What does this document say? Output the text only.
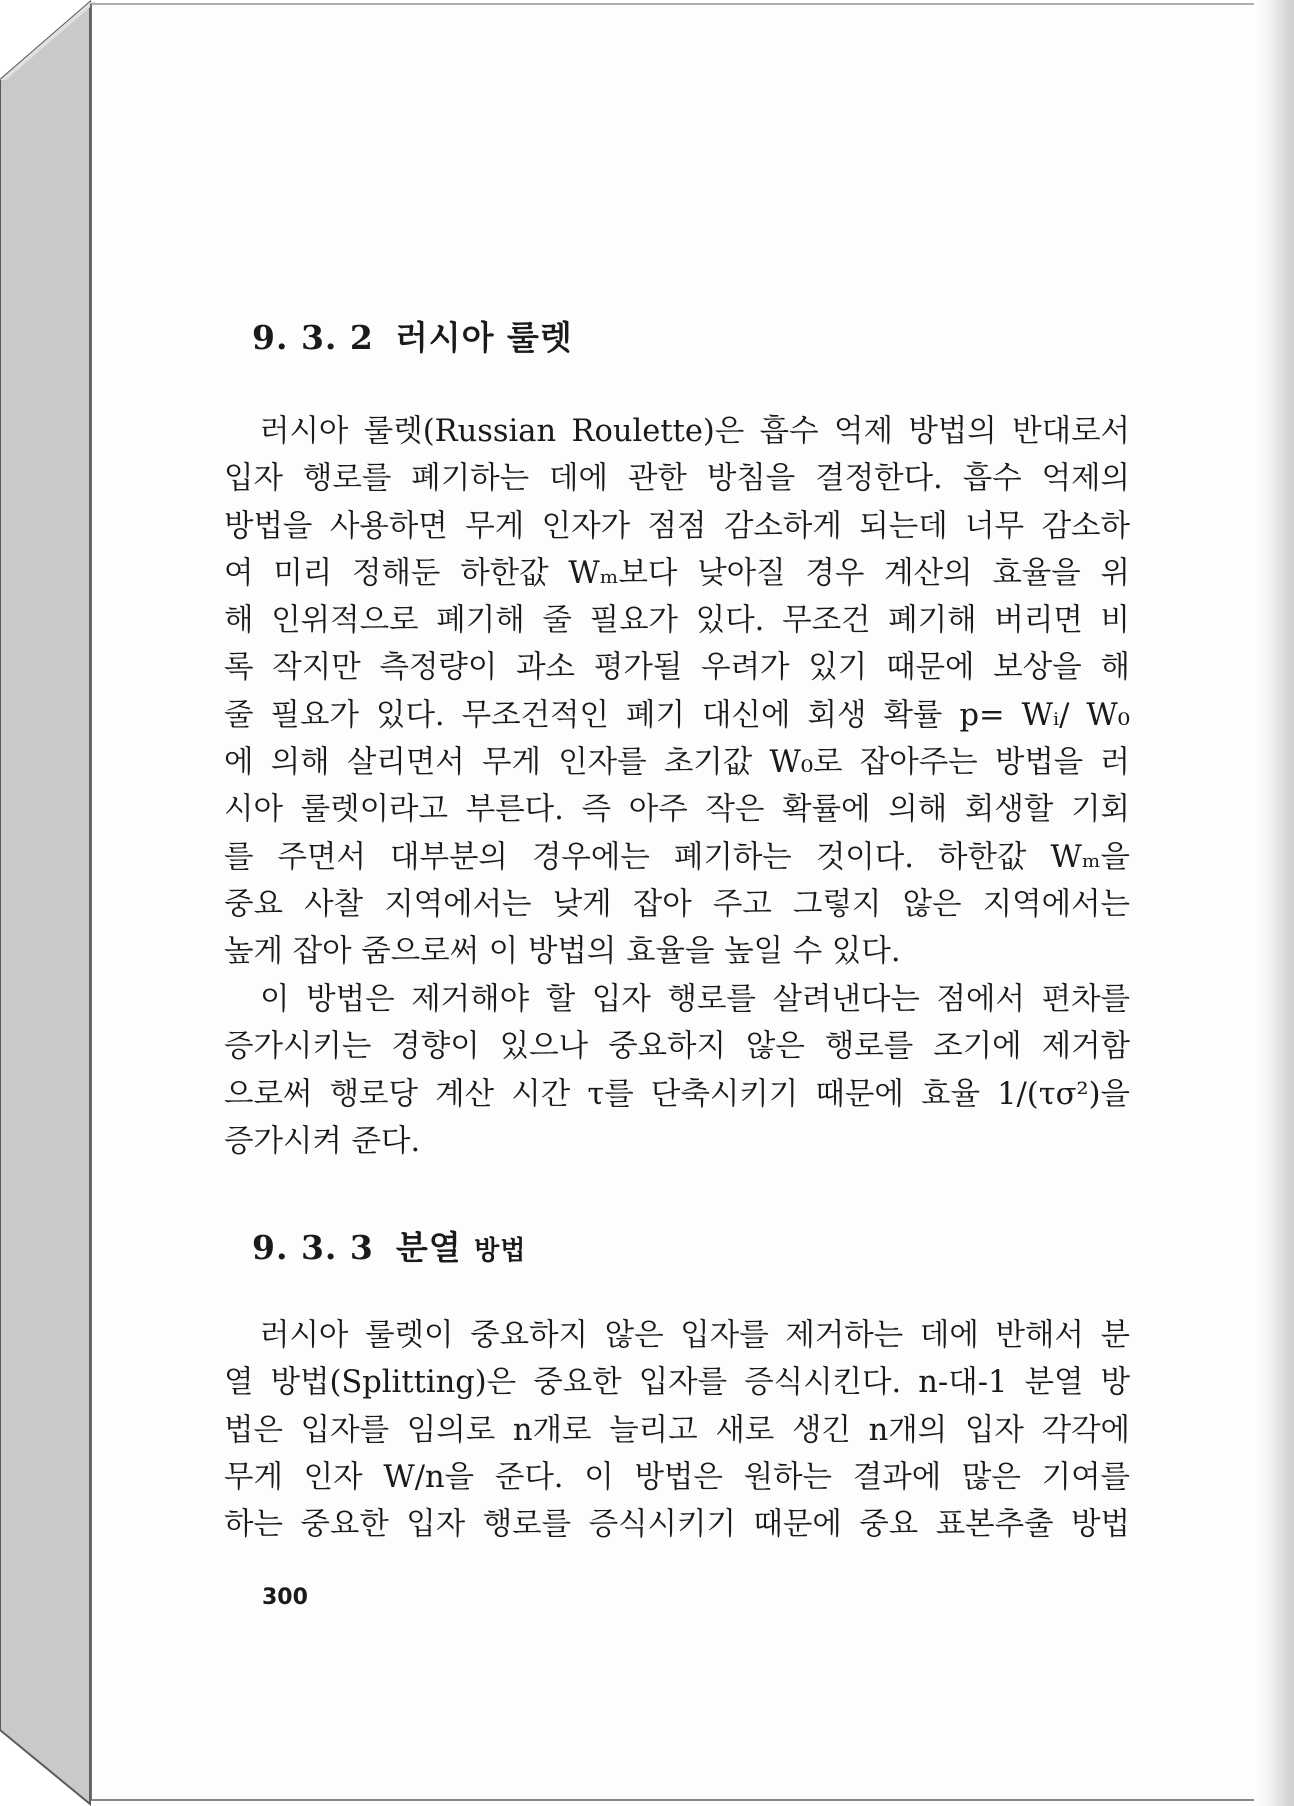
9. 3. 2 러시아 룰렛
러시아 룰렛(Russian Roulette)은 흡수 억제 방법의 반대로서
입자 행로를 폐기하는 데에 관한 방침을 결정한다. 흡수 억제의
방법을 사용하면 무게 인자가 점점 감소하게 되는데 너무 감소하
여 미리 정해둔 하한값 Wₘ보다 낮아질 경우 계산의 효율을 위
해 인위적으로 폐기해 줄 필요가 있다. 무조건 폐기해 버리면 비
록 작지만 측정량이 과소 평가될 우려가 있기 때문에 보상을 해
줄 필요가 있다. 무조건적인 폐기 대신에 회생 확률 p= Wᵢ/ W₀
에 의해 살리면서 무게 인자를 초기값 W₀로 잡아주는 방법을 러
시아 룰렛이라고 부른다. 즉 아주 작은 확률에 의해 회생할 기회
를 주면서 대부분의 경우에는 폐기하는 것이다. 하한값 Wₘ을
중요 사찰 지역에서는 낮게 잡아 주고 그렇지 않은 지역에서는
높게 잡아 줌으로써 이 방법의 효율을 높일 수 있다.
이 방법은 제거해야 할 입자 행로를 살려낸다는 점에서 편차를
증가시키는 경향이 있으나 중요하지 않은 행로를 조기에 제거함
으로써 행로당 계산 시간 τ를 단축시키기 때문에 효율 1/(τσ²)을
증가시켜 준다.
9. 3. 3 분열 방법
러시아 룰렛이 중요하지 않은 입자를 제거하는 데에 반해서 분
열 방법(Splitting)은 중요한 입자를 증식시킨다. n-대-1 분열 방
법은 입자를 임의로 n개로 늘리고 새로 생긴 n개의 입자 각각에
무게 인자 W/n을 준다. 이 방법은 원하는 결과에 많은 기여를
하는 중요한 입자 행로를 증식시키기 때문에 중요 표본추출 방법
300
